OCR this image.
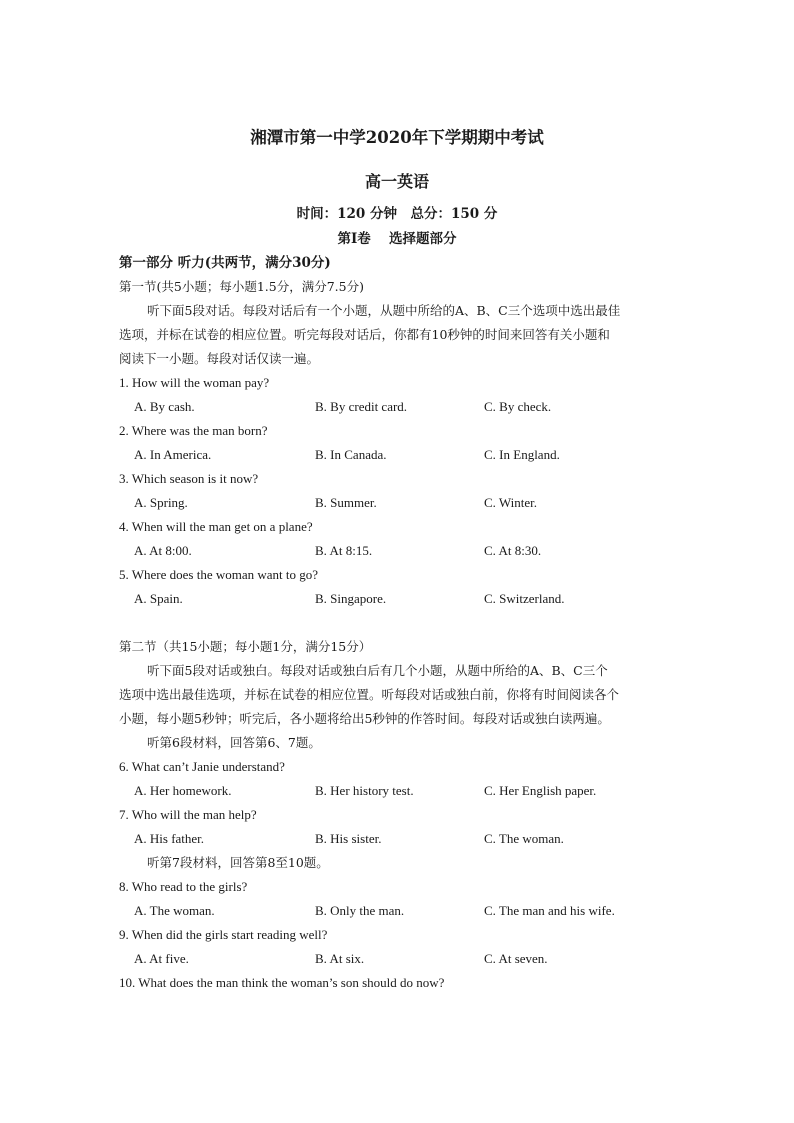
湘潭市第一中学2020年下学期期中考试
高一英语
时间：120 分钟　总分：150 分
第Ⅰ卷　 选择题部分
第一部分 听力(共两节，满分30分)
第一节(共5小题；每小题1.5分，满分7.5分)
听下面5段对话。每段对话后有一个小题，从题中所给的A、B、C三个选项中选出最佳
选项，并标在试卷的相应位置。听完每段对话后，你都有10秒钟的时间来回答有关小题和
阅读下一小题。每段对话仅读一遍。
1. How will the woman pay?
A. By cash.	B. By credit card.	C. By check.
2. Where was the man born?
A. In America.	B. In Canada.	C. In England.
3. Which season is it now?
A. Spring.	B. Summer.	C. Winter.
4. When will the man get on a plane?
A. At 8:00.	B. At 8:15.	C. At 8:30.
5. Where does the woman want to go?
A. Spain.	B. Singapore.	C. Switzerland.
第二节（共15小题；每小题1分，满分15分）
听下面5段对话或独白。每段对话或独白后有几个小题，从题中所给的A、B、C三个
选项中选出最佳选项，并标在试卷的相应位置。听每段对话或独白前，你将有时间阅读各个
小题，每小题5秒钟；听完后，各小题将给出5秒钟的作答时间。每段对话或独白读两遍。
听第6段材料，回答第6、7题。
6. What can’t Janie understand?
A. Her homework.	B. Her history test.	C. Her English paper.
7. Who will the man help?
A. His father.	B. His sister.	C. The woman.
听第7段材料，回答第8至10题。
8. Who read to the girls?
A. The woman.	B. Only the man.	C. The man and his wife.
9. When did the girls start reading well?
A. At five.	B. At six.	C. At seven.
10. What does the man think the woman’s son should do now?
